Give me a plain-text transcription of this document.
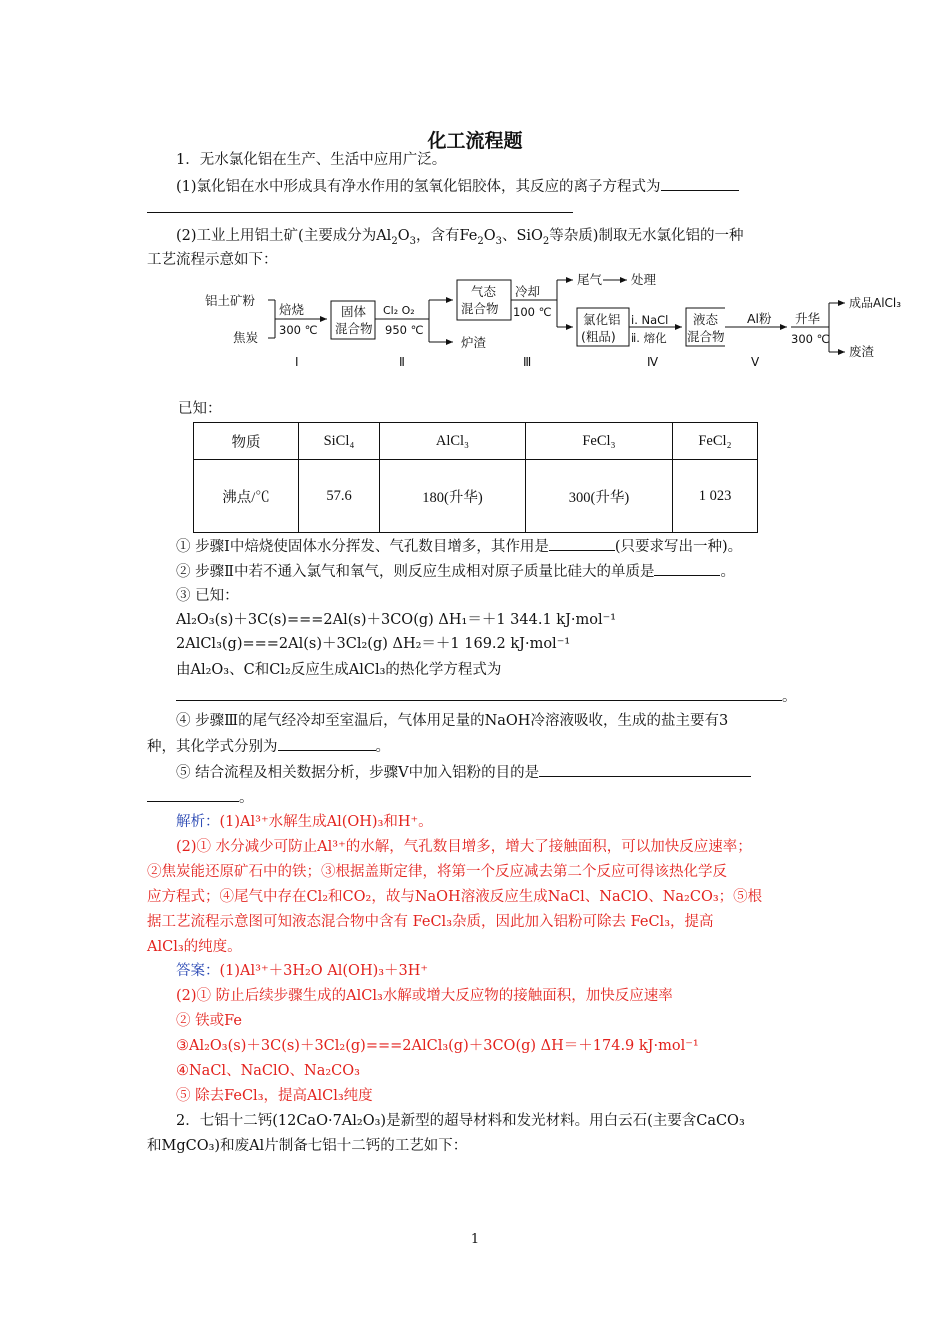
化工流程题
1．无水氯化铝在生产、生活中应用广泛。
(1)氯化铝在水中形成具有净水作用的氢氧化铝胶体，其反应的离子方程式为
(2)工业上用铝土矿(主要成分为$Al_2O_3$，含有$Fe_2O_3$、SiO$_2$等杂质)制取无水氯化铝的一种
工艺流程示意如下：
铝土矿粉
焦炭
焙烧
300 ℃
固体
混合物
Cl₂ O₂
950 ℃
炉渣
气态
混合物
冷却
100 ℃
尾气 处理
氯化铝
(粗品)
ⅰ. NaCl
ⅱ. 熔化
液态
混合物
Ⅰ	Ⅱ	Ⅲ	Ⅳ
Al粉 升华
300 ℃
成品AlCl₃
废渣
Ⅴ
已知：
物质	SiCl₄	AlCl₃	FeCl₃	FeCl₂
沸点/℃	57.6	180(升华)	300(升华)	1 023
① 步骤Ⅰ中焙烧使固体水分挥发、气孔数目增多，其作用是	(只要求写出一种)。
② 步骤Ⅱ中若不通入氯气和氧气，则反应生成相对原子质量比硅大的单质是	。
③ 已知：
Al₂O₃(s)＋3C(s)===2Al(s)＋3CO(g) ΔH₁＝＋1 344.1 kJ·mol⁻¹
2AlCl₃(g)===2Al(s)＋3Cl₂(g) ΔH₂＝＋1 169.2 kJ·mol⁻¹
由Al₂O₃、C和Cl₂反应生成AlCl₃的热化学方程式为
。
④ 步骤Ⅲ的尾气经冷却至室温后，气体用足量的NaOH冷溶液吸收，生成的盐主要有3
种，其化学式分别为	。
⑤ 结合流程及相关数据分析，步骤Ⅴ中加入铝粉的目的是
。
解析：(1)Al³⁺水解生成Al(OH)₃和H⁺。
(2)① 水分减少可防止Al³⁺的水解，气孔数目增多，增大了接触面积，可以加快反应速率；
②焦炭能还原矿石中的铁；③根据盖斯定律，将第一个反应减去第二个反应可得该热化学反
应方程式；④尾气中存在Cl₂和CO₂，故与NaOH溶液反应生成NaCl、NaClO、Na₂CO₃；⑤根
据工艺流程示意图可知液态混合物中含有 FeCl₃杂质，因此加入铝粉可除去 FeCl₃，提高
AlCl₃的纯度。
答案：(1)Al³⁺＋3H₂O Al(OH)₃＋3H⁺
(2)① 防止后续步骤生成的AlCl₃水解或增大反应物的接触面积，加快反应速率
② 铁或Fe
③Al₂O₃(s)＋3C(s)＋3Cl₂(g)===2AlCl₃(g)＋3CO(g) ΔH＝＋174.9 kJ·mol⁻¹
④NaCl、NaClO、Na₂CO₃
⑤ 除去FeCl₃，提高AlCl₃纯度
2．七铝十二钙(12CaO·7Al₂O₃)是新型的超导材料和发光材料。用白云石(主要含CaCO₃
和MgCO₃)和废Al片制备七铝十二钙的工艺如下：
1
